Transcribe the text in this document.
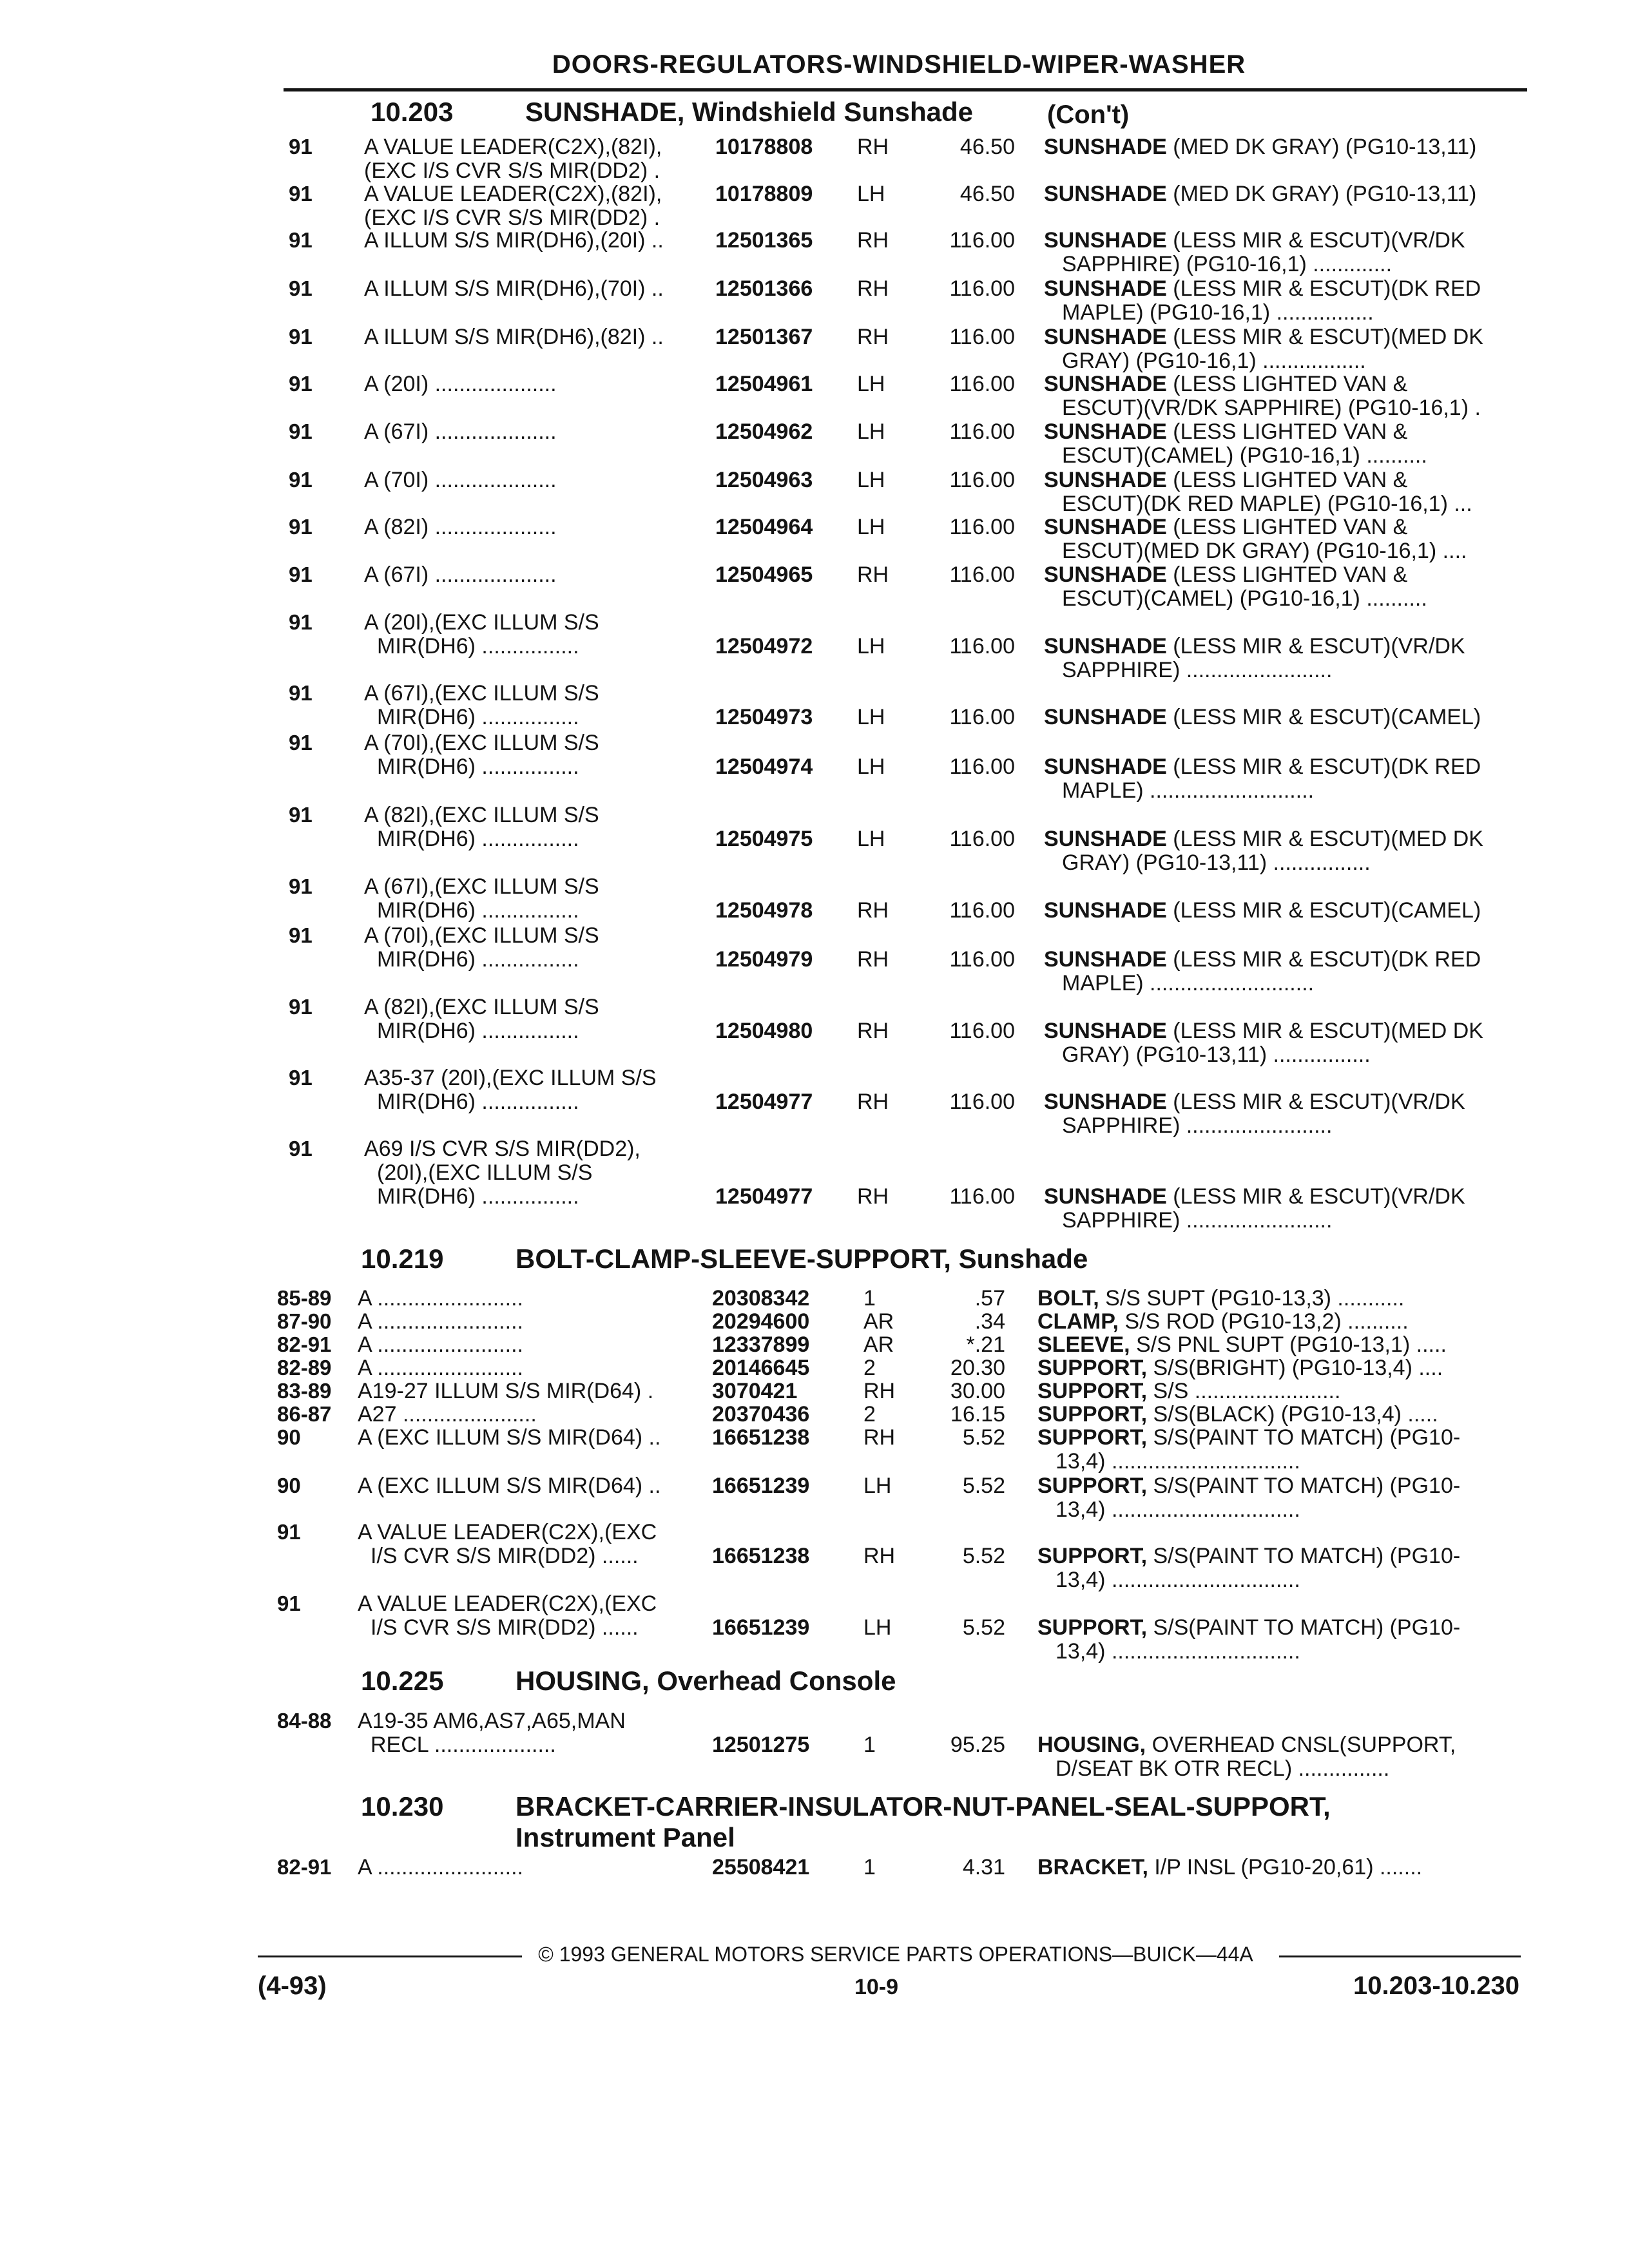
DOORS-REGULATORS-WINDSHIELD-WIPER-WASHER
10.203	SUNSHADE, Windshield Sunshade	(Con't)
91 A VALUE LEADER(C2X),(82I),
(EXC I/S CVR S/S MIR(DD2) .
10178808 RH	46.50 SUNSHADE (MED DK GRAY) (PG10-13,11)
91 A VALUE LEADER(C2X),(82I),
(EXC I/S CVR S/S MIR(DD2) .
10178809 LH	46.50 SUNSHADE (MED DK GRAY) (PG10-13,11)
91 A ILLUM S/S MIR(DH6),(20I) ..	12501365 RH	116.00 SUNSHADE (LESS MIR & ESCUT)(VR/DK
SAPPHIRE) (PG10-16,1) .............
91 A ILLUM S/S MIR(DH6),(70I) ..	12501366 RH	116.00 SUNSHADE (LESS MIR & ESCUT)(DK RED
MAPLE) (PG10-16,1) ................
91 A ILLUM S/S MIR(DH6),(82I) ..	12501367 RH	116.00 SUNSHADE (LESS MIR & ESCUT)(MED DK
GRAY) (PG10-16,1) .................
91 A (20I) ....................	12504961 LH	116.00 SUNSHADE (LESS LIGHTED VAN &
ESCUT)(VR/DK SAPPHIRE) (PG10-16,1) .
91 A (67I) ....................	12504962 LH	116.00 SUNSHADE (LESS LIGHTED VAN &
ESCUT)(CAMEL) (PG10-16,1) ..........
91 A (70I) ....................	12504963 LH	116.00 SUNSHADE (LESS LIGHTED VAN &
ESCUT)(DK RED MAPLE) (PG10-16,1) ...
91 A (82I) ....................	12504964 LH	116.00 SUNSHADE (LESS LIGHTED VAN &
ESCUT)(MED DK GRAY) (PG10-16,1) ....
91 A (67I) ....................	12504965 RH	116.00 SUNSHADE (LESS LIGHTED VAN &
ESCUT)(CAMEL) (PG10-16,1) ..........
91 A (20I),(EXC ILLUM S/S
MIR(DH6) ................	12504972 LH	116.00 SUNSHADE (LESS MIR & ESCUT)(VR/DK
SAPPHIRE) ........................
91 A (67I),(EXC ILLUM S/S
MIR(DH6) ................	12504973 LH	116.00 SUNSHADE (LESS MIR & ESCUT)(CAMEL)
91 A (70I),(EXC ILLUM S/S
MIR(DH6) ................	12504974 LH	116.00 SUNSHADE (LESS MIR & ESCUT)(DK RED
MAPLE) ...........................
91 A (82I),(EXC ILLUM S/S
MIR(DH6) ................	12504975 LH	116.00 SUNSHADE (LESS MIR & ESCUT)(MED DK
GRAY) (PG10-13,11) ................
91 A (67I),(EXC ILLUM S/S
MIR(DH6) ................	12504978 RH	116.00 SUNSHADE (LESS MIR & ESCUT)(CAMEL)
91 A (70I),(EXC ILLUM S/S
MIR(DH6) ................	12504979 RH	116.00 SUNSHADE (LESS MIR & ESCUT)(DK RED
MAPLE) ...........................
91 A (82I),(EXC ILLUM S/S
MIR(DH6) ................	12504980 RH	116.00 SUNSHADE (LESS MIR & ESCUT)(MED DK
GRAY) (PG10-13,11) ................
91 A35-37 (20I),(EXC ILLUM S/S
MIR(DH6) ................	12504977 RH	116.00 SUNSHADE (LESS MIR & ESCUT)(VR/DK
SAPPHIRE) ........................
91 A69 I/S CVR S/S MIR(DD2),
(20I),(EXC ILLUM S/S
MIR(DH6) ................	12504977 RH	116.00 SUNSHADE (LESS MIR & ESCUT)(VR/DK
SAPPHIRE) ........................
10.219	BOLT-CLAMP-SLEEVE-SUPPORT, Sunshade
85-89 A ........................	20308342 1	.57 BOLT, S/S SUPT (PG10-13,3) ...........
87-90 A ........................	20294600 AR	.34 CLAMP, S/S ROD (PG10-13,2) ..........
82-91 A ........................	12337899 AR	*.21 SLEEVE, S/S PNL SUPT (PG10-13,1) .....
82-89 A ........................	20146645 2	20.30 SUPPORT, S/S(BRIGHT) (PG10-13,4) ....
83-89 A19-27 ILLUM S/S MIR(D64) .	3070421	RH	30.00 SUPPORT, S/S ........................
86-87 A27 ......................	20370436 2	16.15 SUPPORT, S/S(BLACK) (PG10-13,4) .....
90	A (EXC ILLUM S/S MIR(D64) ..	16651238 RH	5.52 SUPPORT, S/S(PAINT TO MATCH) (PG10-
13,4) ...............................
90	A (EXC ILLUM S/S MIR(D64) ..	16651239 LH	5.52 SUPPORT, S/S(PAINT TO MATCH) (PG10-
13,4) ...............................
91	A VALUE LEADER(C2X),(EXC
I/S CVR S/S MIR(DD2) ......	16651238 RH	5.52 SUPPORT, S/S(PAINT TO MATCH) (PG10-
13,4) ...............................
91	A VALUE LEADER(C2X),(EXC
I/S CVR S/S MIR(DD2) ......	16651239 LH	5.52 SUPPORT, S/S(PAINT TO MATCH) (PG10-
13,4) ...............................
10.225	HOUSING, Overhead Console
84-88 A19-35 AM6,AS7,A65,MAN
RECL ....................	12501275 1	95.25 HOUSING, OVERHEAD CNSL(SUPPORT,
D/SEAT BK OTR RECL) ...............
10.230	BRACKET-CARRIER-INSULATOR-NUT-PANEL-SEAL-SUPPORT,
Instrument Panel
82-91 A ........................	25508421 1	4.31 BRACKET, I/P INSL (PG10-20,61) .......
© 1993 GENERAL MOTORS SERVICE PARTS OPERATIONS—BUICK—44A
(4-93)	10-9	10.203-10.230
